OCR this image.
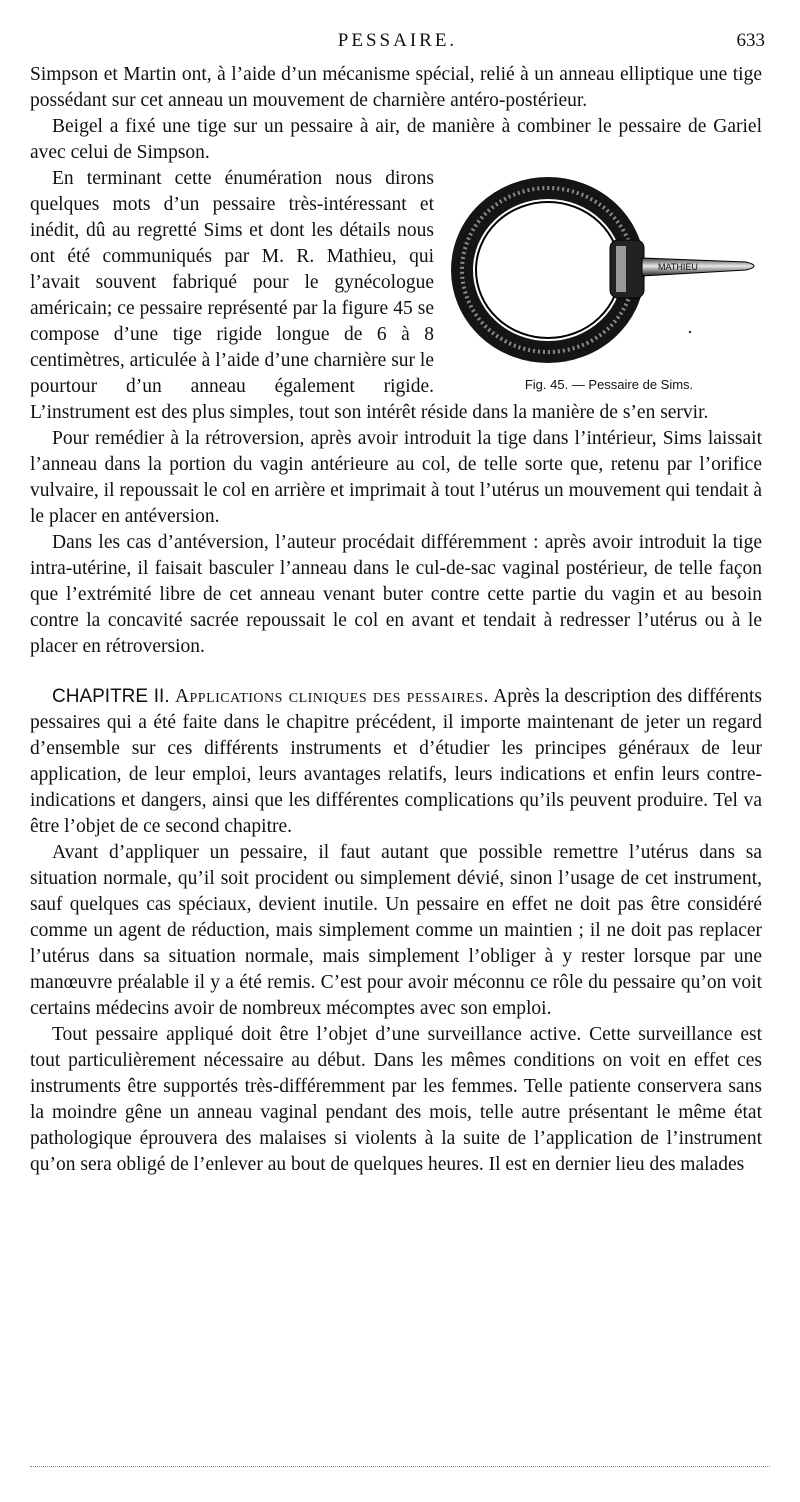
PESSAIRE.	633

Simpson et Martin ont, à l’aide d’un mécanisme spécial, relié à un anneau elliptique une tige possédant sur cet anneau un mouvement de charnière antéro-postérieur.

Beigel a fixé une tige sur un pessaire à air, de manière à combiner le pessaire de Gariel avec celui de Simpson.

MATHIEU
Fig. 45. — Pessaire de Sims.

En terminant cette énumération nous dirons quelques mots d’un pessaire très-intéressant et inédit, dû au regretté Sims et dont les détails nous ont été communiqués par M. R. Mathieu, qui l’avait souvent fabriqué pour le gynécologue américain; ce pessaire représenté par la figure 45 se compose d’une tige rigide longue de 6 à 8 centimètres, articulée à l’aide d’une charnière sur le pourtour d’un anneau également rigide. L’instrument est des plus simples, tout son intérêt réside dans la manière de s’en servir.

Pour remédier à la rétroversion, après avoir introduit la tige dans l’intérieur, Sims laissait l’anneau dans la portion du vagin antérieure au col, de telle sorte que, retenu par l’orifice vulvaire, il repoussait le col en arrière et imprimait à tout l’utérus un mouvement qui tendait à le placer en antéversion.

Dans les cas d’antéversion, l’auteur procédait différemment : après avoir introduit la tige intra-utérine, il faisait basculer l’anneau dans le cul-de-sac vaginal postérieur, de telle façon que l’extrémité libre de cet anneau venant buter contre cette partie du vagin et au besoin contre la concavité sacrée repoussait le col en avant et tendait à redresser l’utérus ou à le placer en rétroversion.

CHAPITRE II. Applications cliniques des pessaires. Après la description des différents pessaires qui a été faite dans le chapitre précédent, il importe maintenant de jeter un regard d’ensemble sur ces différents instruments et d’étudier les principes généraux de leur application, de leur emploi, leurs avantages relatifs, leurs indications et enfin leurs contre-indications et dangers, ainsi que les différentes complications qu’ils peuvent produire. Tel va être l’objet de ce second chapitre.

Avant d’appliquer un pessaire, il faut autant que possible remettre l’utérus dans sa situation normale, qu’il soit procident ou simplement dévié, sinon l’usage de cet instrument, sauf quelques cas spéciaux, devient inutile. Un pessaire en effet ne doit pas être considéré comme un agent de réduction, mais simplement comme un maintien ; il ne doit pas replacer l’utérus dans sa situation normale, mais simplement l’obliger à y rester lorsque par une manœuvre préalable il y a été remis. C’est pour avoir méconnu ce rôle du pessaire qu’on voit certains médecins avoir de nombreux mécomptes avec son emploi.

Tout pessaire appliqué doit être l’objet d’une surveillance active. Cette surveillance est tout particulièrement nécessaire au début. Dans les mêmes conditions on voit en effet ces instruments être supportés très-différemment par les femmes. Telle patiente conservera sans la moindre gêne un anneau vaginal pendant des mois, telle autre présentant le même état pathologique éprouvera des malaises si violents à la suite de l’application de l’instrument qu’on sera obligé de l’enlever au bout de quelques heures. Il est en dernier lieu des malades
